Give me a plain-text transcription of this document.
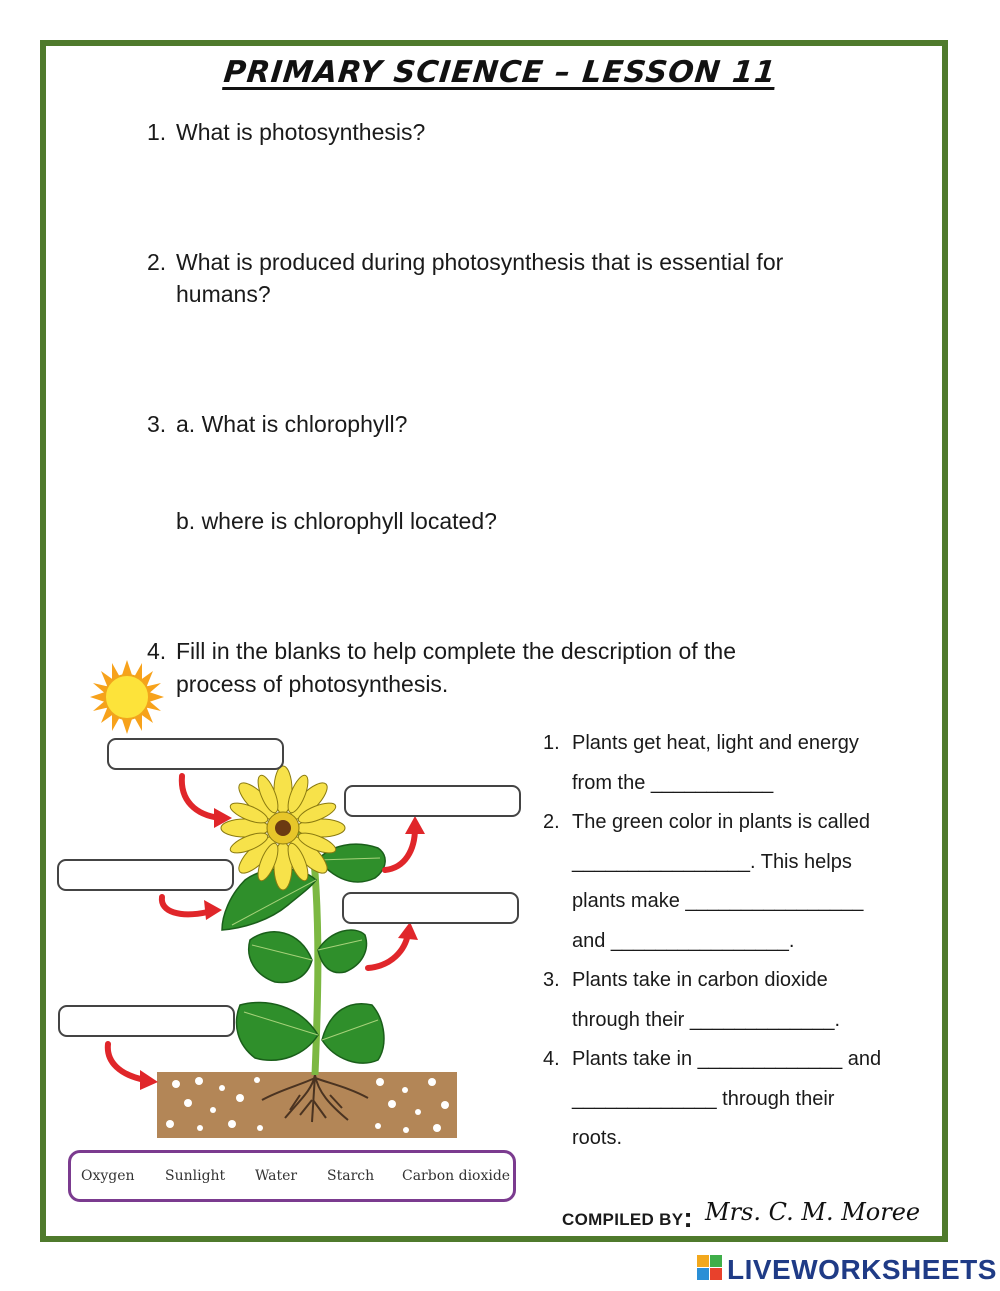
PRIMARY SCIENCE – LESSON 11
1. What is photosynthesis?
2. What is produced during photosynthesis that is essential for
humans?
3. a. What is chlorophyll?
b. where is chlorophyll located?
4. Fill in the blanks to help complete the description of the
process of photosynthesis.
1. Plants get heat, light and energy
from the ___________
2. The green color in plants is called
________________. This helps
plants make ________________
and ________________.
3. Plants take in carbon dioxide
through their _____________.
4. Plants take in _____________ and
_____________ through their
roots.
Oxygen Sunlight Water Starch Carbon dioxide
COMPILED BY: Mrs. C. M. Moree
LIVEWORKSHEETS
